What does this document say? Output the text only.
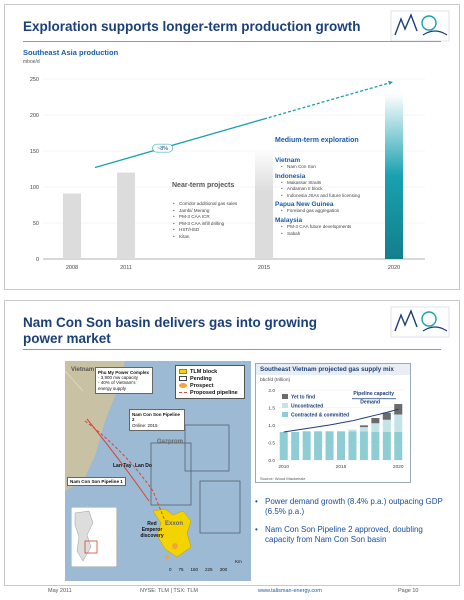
Exploration supports longer-term production growth
Southeast Asia production
mboe/d
0
50
100
150
200
250
2008	2011	2015	2020
~8%
Near-term projects
• Corridor additional gas sales
• Jambi/ Merang
• PM-3 CAA ICR
• PM-3 CAA infill drilling
• HST/HSD
• Kitan
Medium-term exploration
Vietnam
• Nam Con Son
Indonesia
• Makassar Straits
• Andaman II block
• Indonesia JSAs and future licensing
Papua New Guinea
• Foreland gas aggregation
Malaysia
• PM-3 CAA future developments
• Sabah
Nam Con Son basin delivers gas into growing
power market
Vietnam
Exxon
Gazprom
Lan Tay Lan Do
Red Emperor discovery
Phu My Power Complex
- 3,900 mw capacity
- 40% of Vietnam's
energy supply
Nam Con Son Pipeline 2
Online: 2015
Nam Con Son Pipeline 1
TLM block
Pending
Prospect
Proposed pipeline
0 75 150 225 300
Km
Southeast Vietnam projected gas supply mix
bbcf/d (trillion)
0.0
0.5
1.0
1.5
2.0
2010	2015	2020
Demand
Pipeline capacity
Yet to find
Uncontracted
Contracted & committed
Source: Wood Mackenzie
• Power demand growth (8.4% p.a.) outpacing GDP (6.5% p.a.)
• Nam Con Son Pipeline 2 approved, doubling capacity from Nam Con Son basin
May 2011	NYSE: TLM | TSX: TLM	www.talisman-energy.com	Page 10
